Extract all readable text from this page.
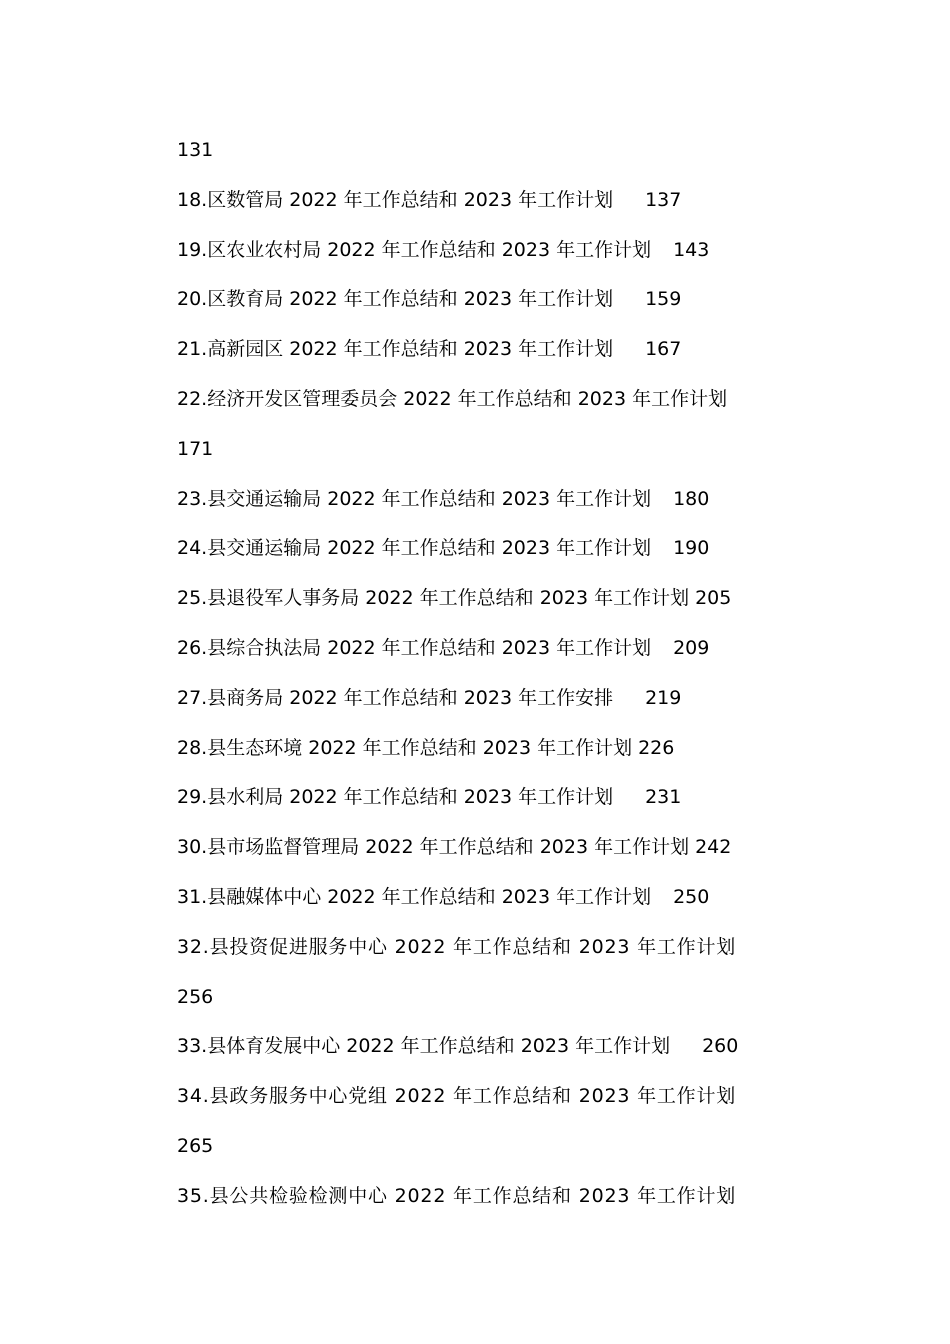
131
18.区数管局 2022 年工作总结和 2023 年工作计划 137
19.区农业农村局 2022 年工作总结和 2023 年工作计划 143
20.区教育局 2022 年工作总结和 2023 年工作计划 159
21.高新园区 2022 年工作总结和 2023 年工作计划 167
22.经济开发区管理委员会 2022 年工作总结和 2023 年工作计划
171
23.县交通运输局 2022 年工作总结和 2023 年工作计划 180
24.县交通运输局 2022 年工作总结和 2023 年工作计划 190
25.县退役军人事务局 2022 年工作总结和 2023 年工作计划 205
26.县综合执法局 2022 年工作总结和 2023 年工作计划 209
27.县商务局 2022 年工作总结和 2023 年工作安排 219
28.县生态环境 2022 年工作总结和 2023 年工作计划 226
29.县水利局 2022 年工作总结和 2023 年工作计划 231
30.县市场监督管理局 2022 年工作总结和 2023 年工作计划 242
31.县融媒体中心 2022 年工作总结和 2023 年工作计划 250
32.县投资促进服务中心 2022 年工作总结和 2023 年工作计划
256
33.县体育发展中心 2022 年工作总结和 2023 年工作计划 260
34.县政务服务中心党组 2022 年工作总结和 2023 年工作计划
265
35.县公共检验检测中心 2022 年工作总结和 2023 年工作计划
